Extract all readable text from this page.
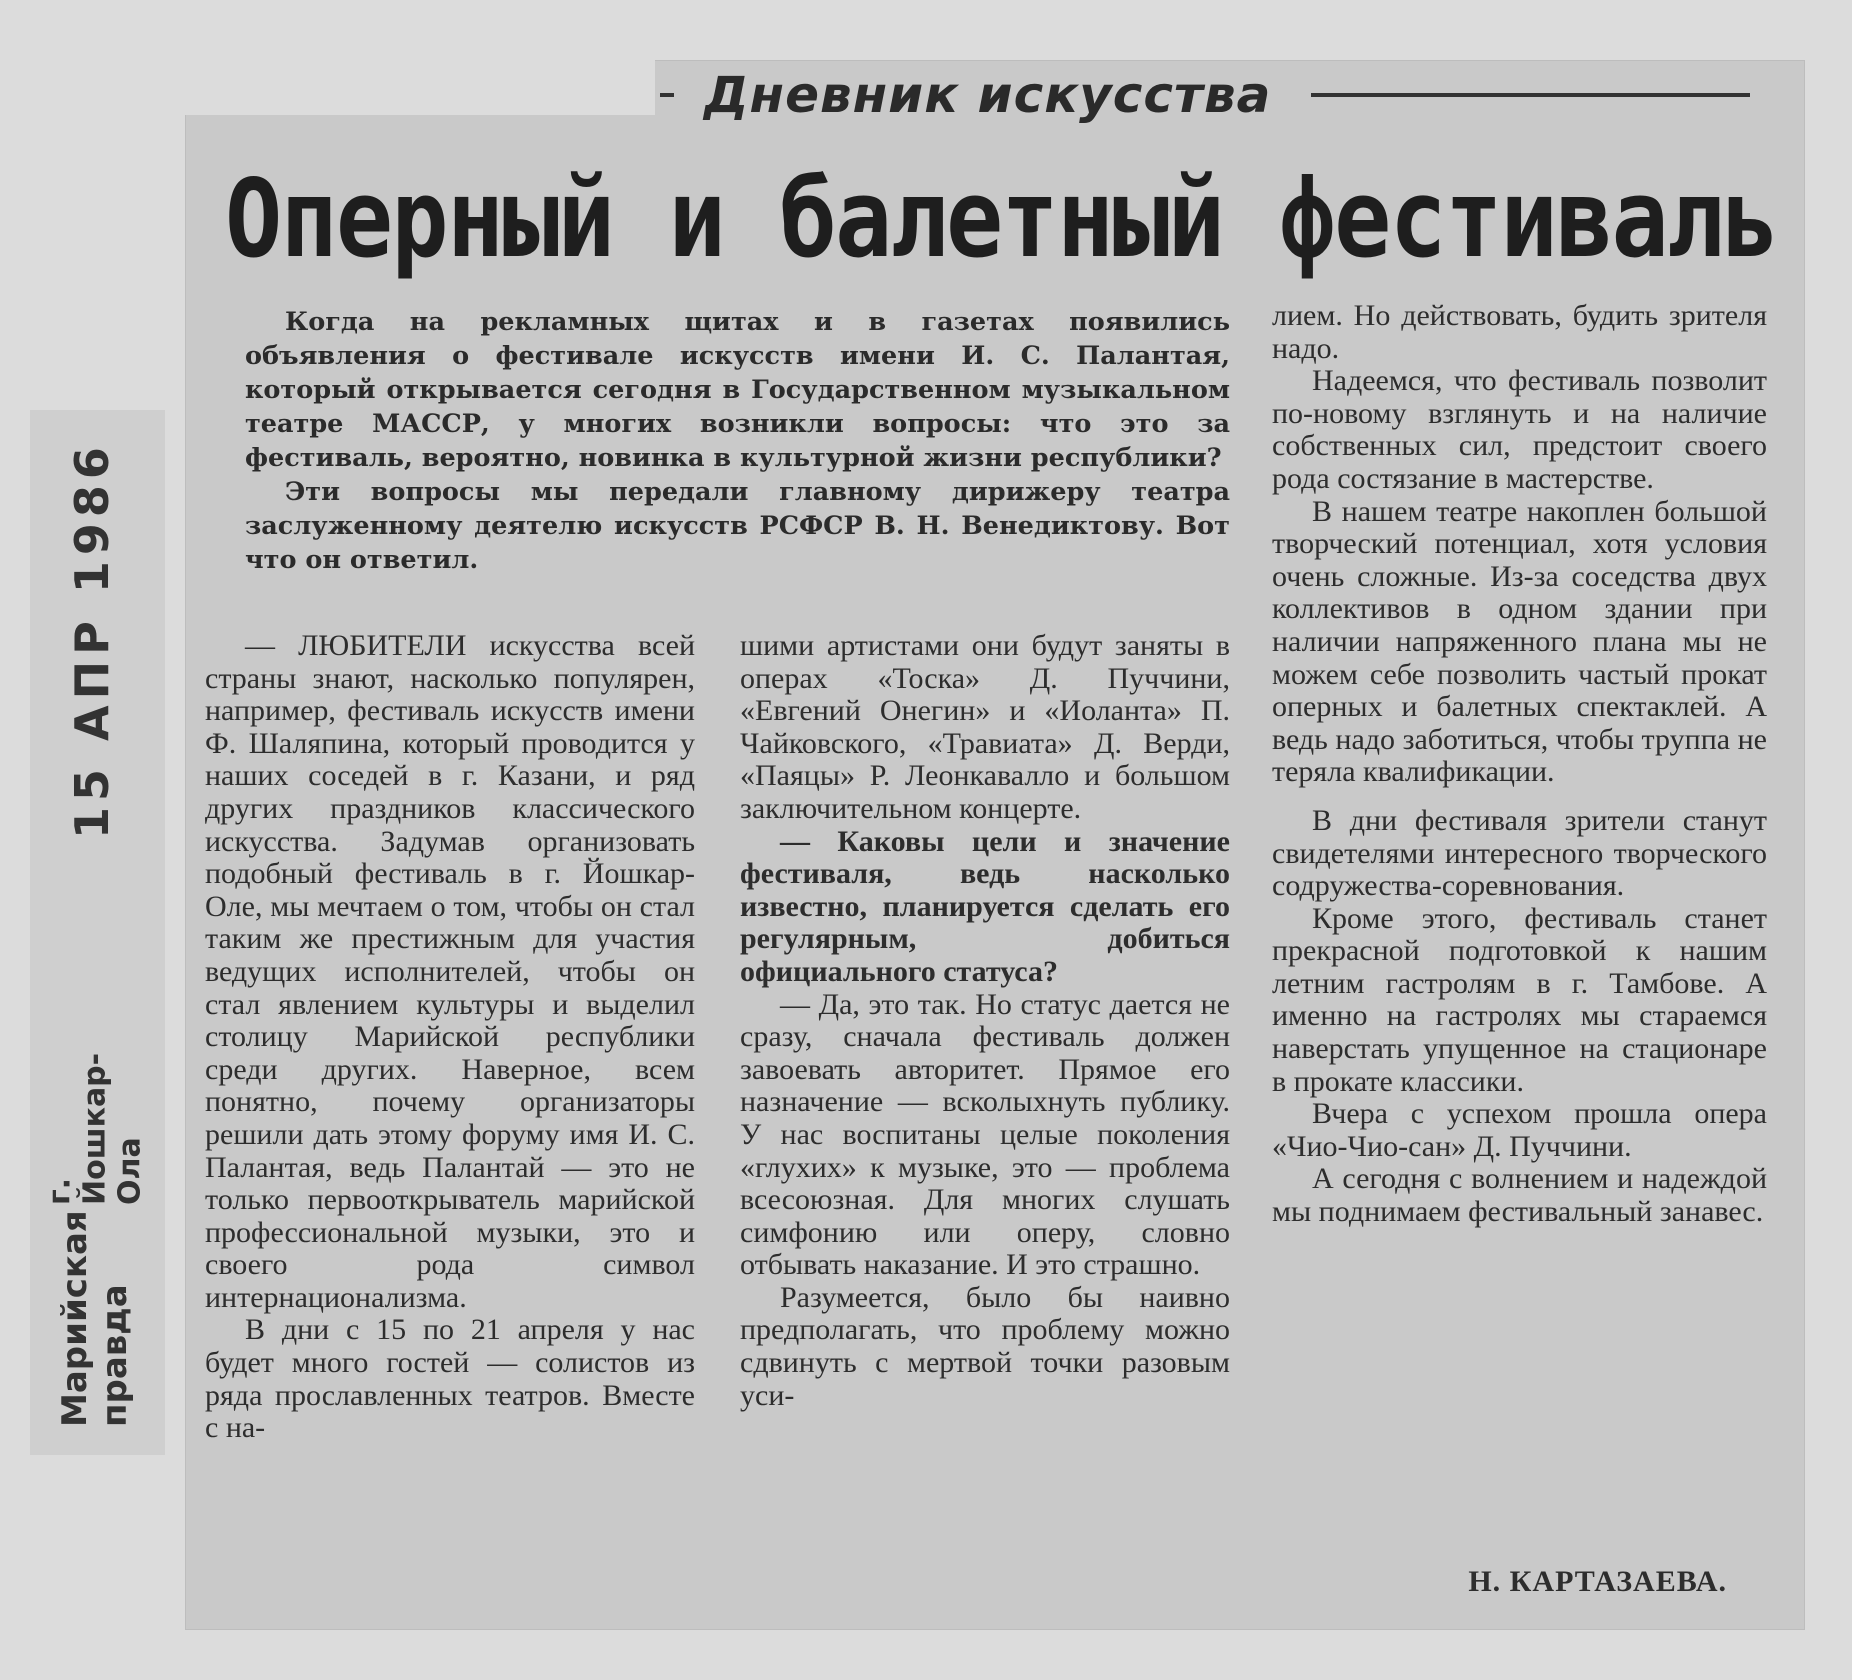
15 АПР 1986
Марийская правда
г. Йошкар-Ола
Дневник искусства
Оперный и балетный фестиваль

Когда на рекламных щитах и в газетах появились объявления о фестивале искусств имени И. С. Палантая, который открывается сегодня в Государственном музыкальном театре МАССР, у многих возникли вопросы: что это за фестиваль, вероятно, новинка в культурной жизни республики?

Эти вопросы мы передали главному дирижеру театра заслуженному деятелю искусств РСФСР В. Н. Венедиктову. Вот что он ответил.

— ЛЮБИТЕЛИ искусства всей страны знают, насколько популярен, например, фестиваль искусств имени Ф. Шаляпина, который проводится у наших соседей в г. Казани, и ряд других праздников классического искусства. Задумав организовать подобный фестиваль в г. Йошкар-Оле, мы мечтаем о том, чтобы он стал таким же престижным для участия ведущих исполнителей, чтобы он стал явлением культуры и выделил столицу Марийской республики среди других. Наверное, всем понятно, почему организаторы решили дать этому форуму имя И. С. Палантая, ведь Палантай — это не только первооткрыватель марийской профессиональной музыки, это и своего рода символ интернационализма.

В дни с 15 по 21 апреля у нас будет много гостей — солистов из ряда прославленных театров. Вместе с на-

шими артистами они будут заняты в операх «Тоска» Д. Пуччини, «Евгений Онегин» и «Иоланта» П. Чайковского, «Травиата» Д. Верди, «Паяцы» Р. Леонкавалло и большом заключительном концерте.

— Каковы цели и значение фестиваля, ведь насколько известно, планируется сделать его регулярным, добиться официального статуса?

— Да, это так. Но статус дается не сразу, сначала фестиваль должен завоевать авторитет. Прямое его назначение — всколыхнуть публику. У нас воспитаны целые поколения «глухих» к музыке, это — проблема всесоюзная. Для многих слушать симфонию или оперу, словно отбывать наказание. И это страшно.

Разумеется, было бы наивно предполагать, что проблему можно сдвинуть с мертвой точки разовым уси-

лием. Но действовать, будить зрителя надо.

Надеемся, что фестиваль позволит по-новому взглянуть и на наличие собственных сил, предстоит своего рода состязание в мастерстве.

В нашем театре накоплен большой творческий потенциал, хотя условия очень сложные. Из-за соседства двух коллективов в одном здании при наличии напряженного плана мы не можем себе позволить частый прокат оперных и балетных спектаклей. А ведь надо заботиться, чтобы труппа не теряла квалификации.

В дни фестиваля зрители станут свидетелями интересного творческого содружества-соревнования.

Кроме этого, фестиваль станет прекрасной подготовкой к нашим летним гастролям в г. Тамбове. А именно на гастролях мы стараемся наверстать упущенное на стационаре в прокате классики.

Вчера с успехом прошла опера «Чио-Чио-сан» Д. Пуччини.

А сегодня с волнением и надеждой мы поднимаем фестивальный занавес.

Н. КАРТАЗАЕВА.
